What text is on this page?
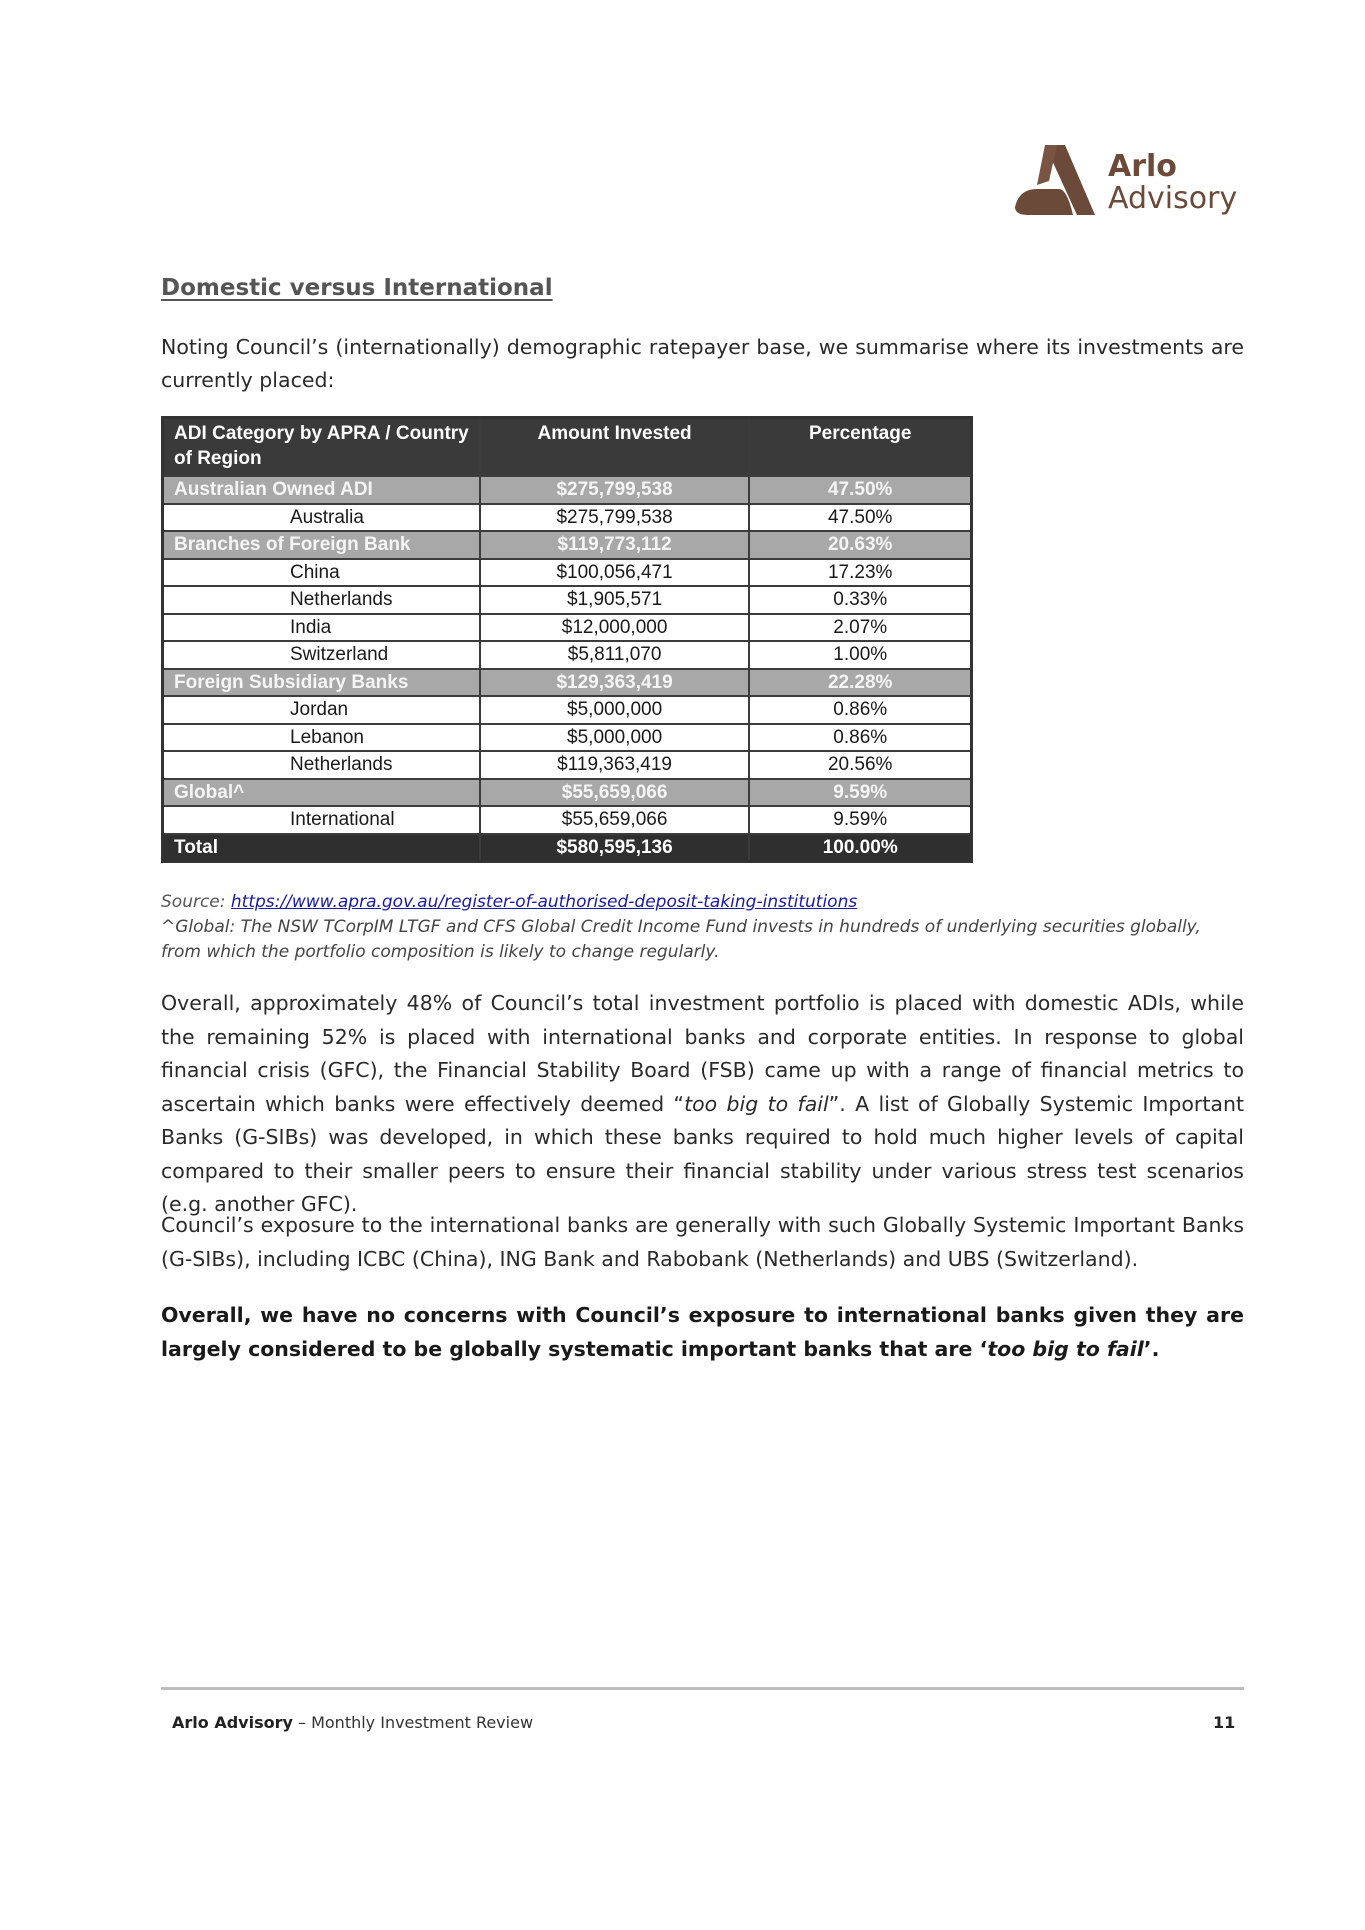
Arlo
Advisory
Domestic versus International
Noting Council’s (internationally) demographic ratepayer base, we summarise where its investments are currently placed:
ADI Category by APRA / Country of Region	Amount Invested	Percentage
Australian Owned ADI	$275,799,538	47.50%
Australia	$275,799,538	47.50%
Branches of Foreign Bank	$119,773,112	20.63%
China	$100,056,471	17.23%
Netherlands	$1,905,571	0.33%
India	$12,000,000	2.07%
Switzerland	$5,811,070	1.00%
Foreign Subsidiary Banks	$129,363,419	22.28%
Jordan	$5,000,000	0.86%
Lebanon	$5,000,000	0.86%
Netherlands	$119,363,419	20.56%
Global^	$55,659,066	9.59%
International	$55,659,066	9.59%
Total	$580,595,136	100.00%
Source: https://www.apra.gov.au/register-of-authorised-deposit-taking-institutions
^Global: The NSW TCorpIM LTGF and CFS Global Credit Income Fund invests in hundreds of underlying securities globally, from which the portfolio composition is likely to change regularly.
Overall, approximately 48% of Council’s total investment portfolio is placed with domestic ADIs, while the remaining 52% is placed with international banks and corporate entities. In response to global financial crisis (GFC), the Financial Stability Board (FSB) came up with a range of financial metrics to ascertain which banks were effectively deemed “too big to fail”. A list of Globally Systemic Important Banks (G-SIBs) was developed, in which these banks required to hold much higher levels of capital compared to their smaller peers to ensure their financial stability under various stress test scenarios (e.g. another GFC).
Council’s exposure to the international banks are generally with such Globally Systemic Important Banks (G-SIBs), including ICBC (China), ING Bank and Rabobank (Netherlands) and UBS (Switzerland).
Overall, we have no concerns with Council’s exposure to international banks given they are largely considered to be globally systematic important banks that are ‘too big to fail’.
Arlo Advisory – Monthly Investment Review	11
